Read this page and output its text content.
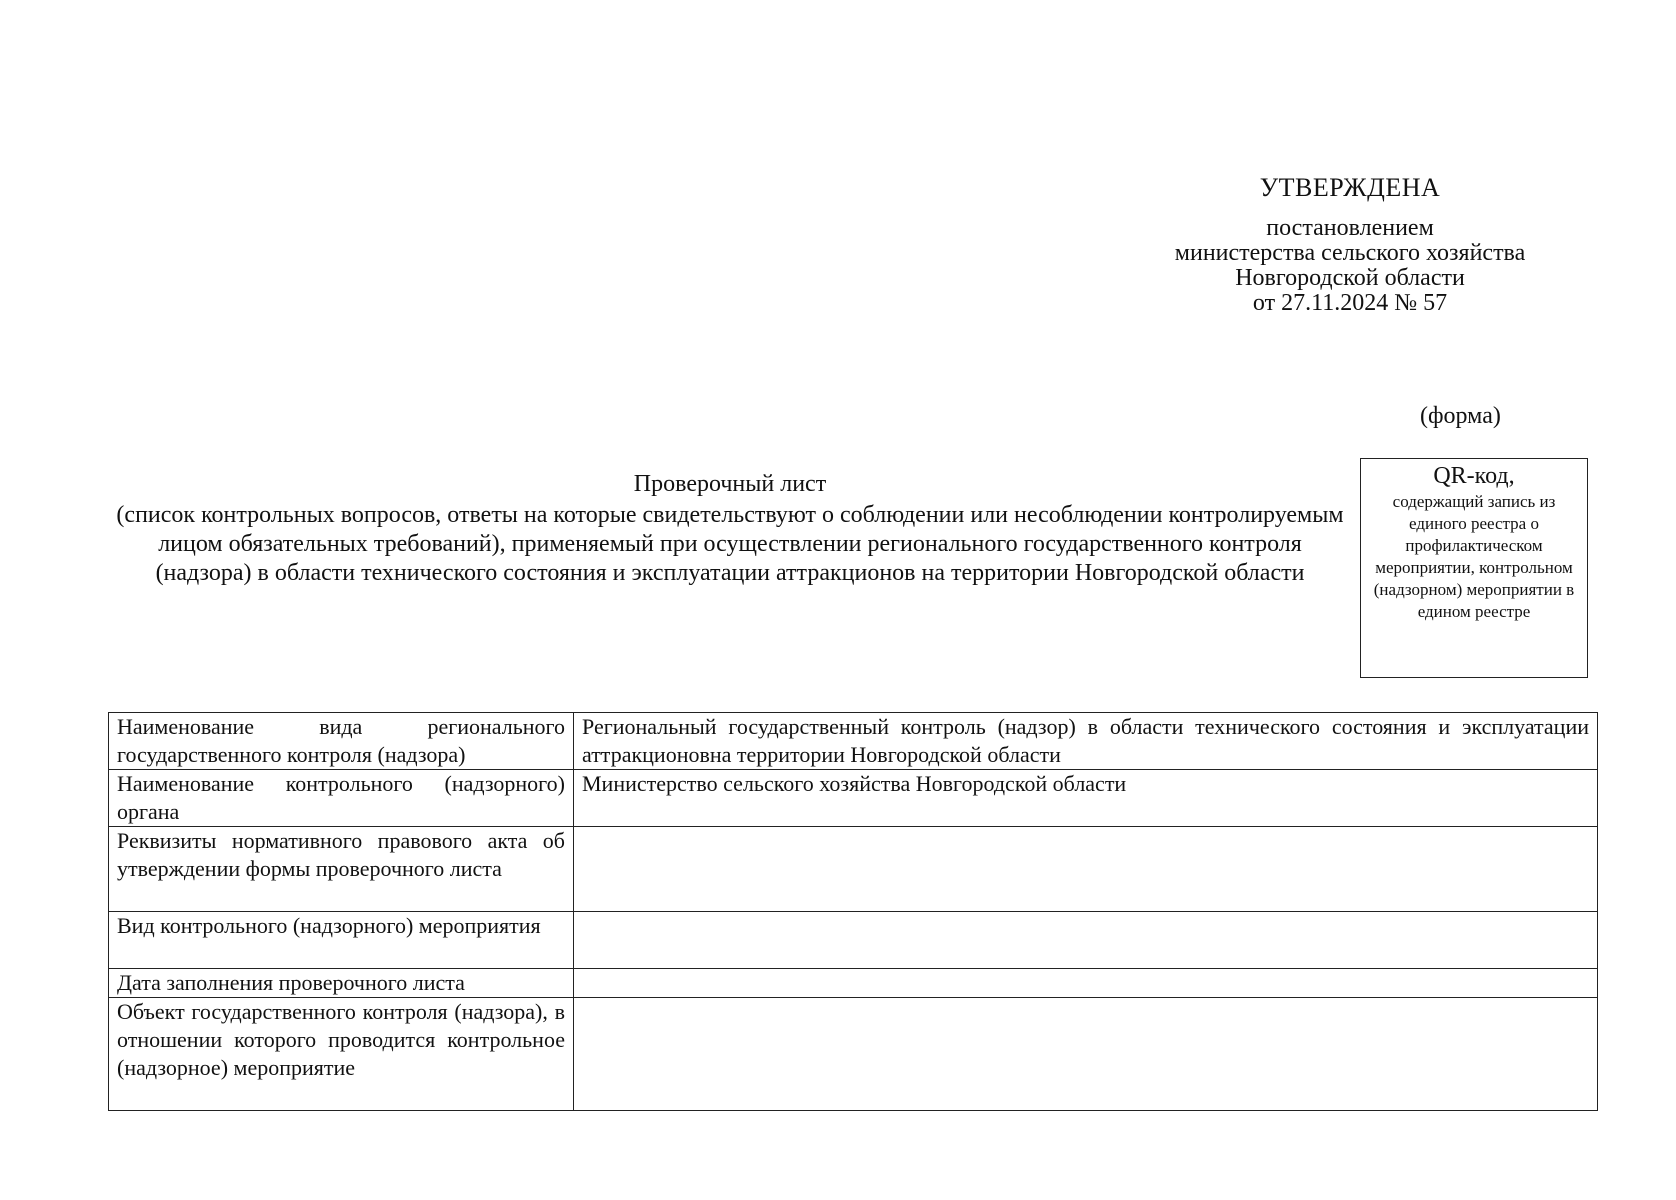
УТВЕРЖДЕНА
постановлением
министерства сельского хозяйства
Новгородской области
от 27.11.2024 № 57
(форма)
Проверочный лист
(список контрольных вопросов, ответы на которые свидетельствуют о соблюдении или несоблюдении контролируемым лицом обязательных требований), применяемый при осуществлении регионального государственного контроля (надзора) в области технического состояния и эксплуатации аттракционов на территории Новгородской области
QR-код,
содержащий запись из единого реестра о профилактическом мероприятии, контрольном (надзорном) мероприятии в едином реестре
Наименование вида регионального государственного контроля (надзора)	Региональный государственный контроль (надзор) в области технического состояния и эксплуатации аттракционовна территории Новгородской области
Наименование контрольного (надзорного) органа	Министерство сельского хозяйства Новгородской области
Реквизиты нормативного правового акта об утверждении формы проверочного листа	
Вид контрольного (надзорного) мероприятия	
Дата заполнения проверочного листа	
Объект государственного контроля (надзора), в отношении которого проводится контрольное (надзорное) мероприятие	
